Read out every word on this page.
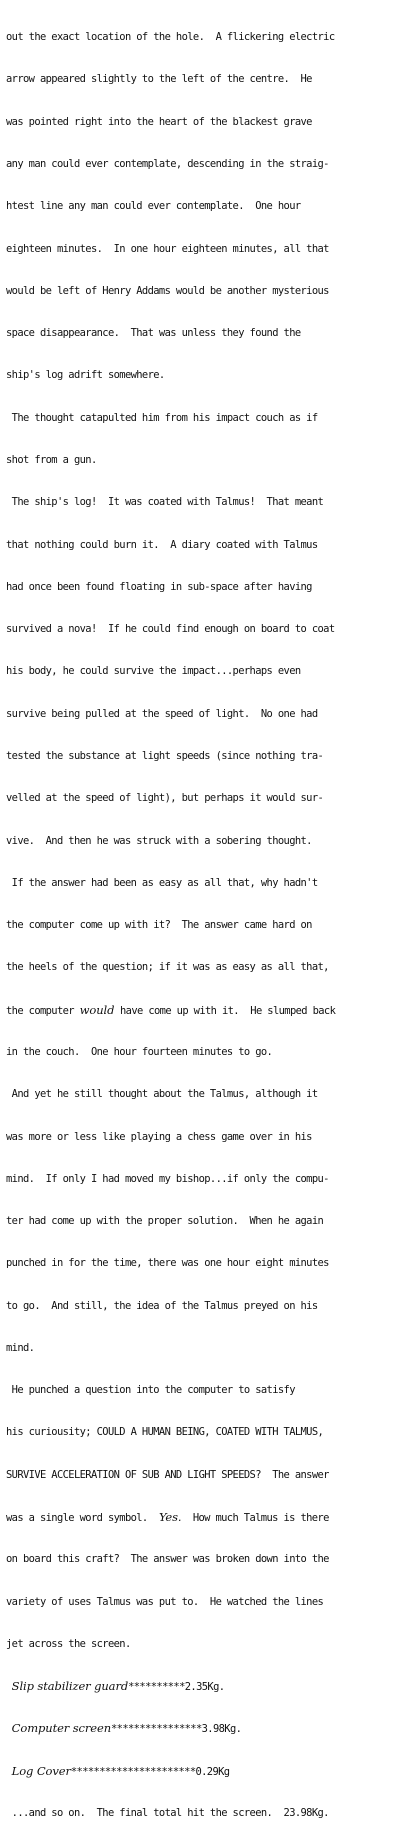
out the exact location of the hole.  A flickering electric

arrow appeared slightly to the left of the centre.  He

was pointed right into the heart of the blackest grave

any man could ever contemplate, descending in the straig-

htest line any man could ever contemplate.  One hour

eighteen minutes.  In one hour eighteen minutes, all that

would be left of Henry Addams would be another mysterious

space disappearance.  That was unless they found the

ship's log adrift somewhere.

The thought catapulted him from his impact couch as if

shot from a gun.

The ship's log!  It was coated with Talmus!  That meant

that nothing could burn it.  A diary coated with Talmus

had once been found floating in sub-space after having

survived a nova!  If he could find enough on board to coat

his body, he could survive the impact...perhaps even

survive being pulled at the speed of light.  No one had

tested the substance at light speeds (since nothing tra-

velled at the speed of light), but perhaps it would sur-

vive.  And then he was struck with a sobering thought.

If the answer had been as easy as all that, why hadn't

the computer come up with it?  The answer came hard on

the heels of the question; if it was as easy as all that,

the computer would have come up with it.  He slumped back

in the couch.  One hour fourteen minutes to go.

And yet he still thought about the Talmus, although it

was more or less like playing a chess game over in his

mind.  If only I had moved my bishop...if only the compu-

ter had come up with the proper solution.  When he again

punched in for the time, there was one hour eight minutes

to go.  And still, the idea of the Talmus preyed on his

mind.

He punched a question into the computer to satisfy

his curiousity; COULD A HUMAN BEING, COATED WITH TALMUS,

SURVIVE ACCELERATION OF SUB AND LIGHT SPEEDS?  The answer

was a single word symbol.  Yes.  How much Talmus is there

on board this craft?  The answer was broken down into the

variety of uses Talmus was put to.  He watched the lines

jet across the screen.

Slip stabilizer guard**********2.35Kg.

Computer screen****************3.98Kg.

Log Cover**********************0.29Kg

...and so on.  The final total hit the screen.  23.98Kg.
